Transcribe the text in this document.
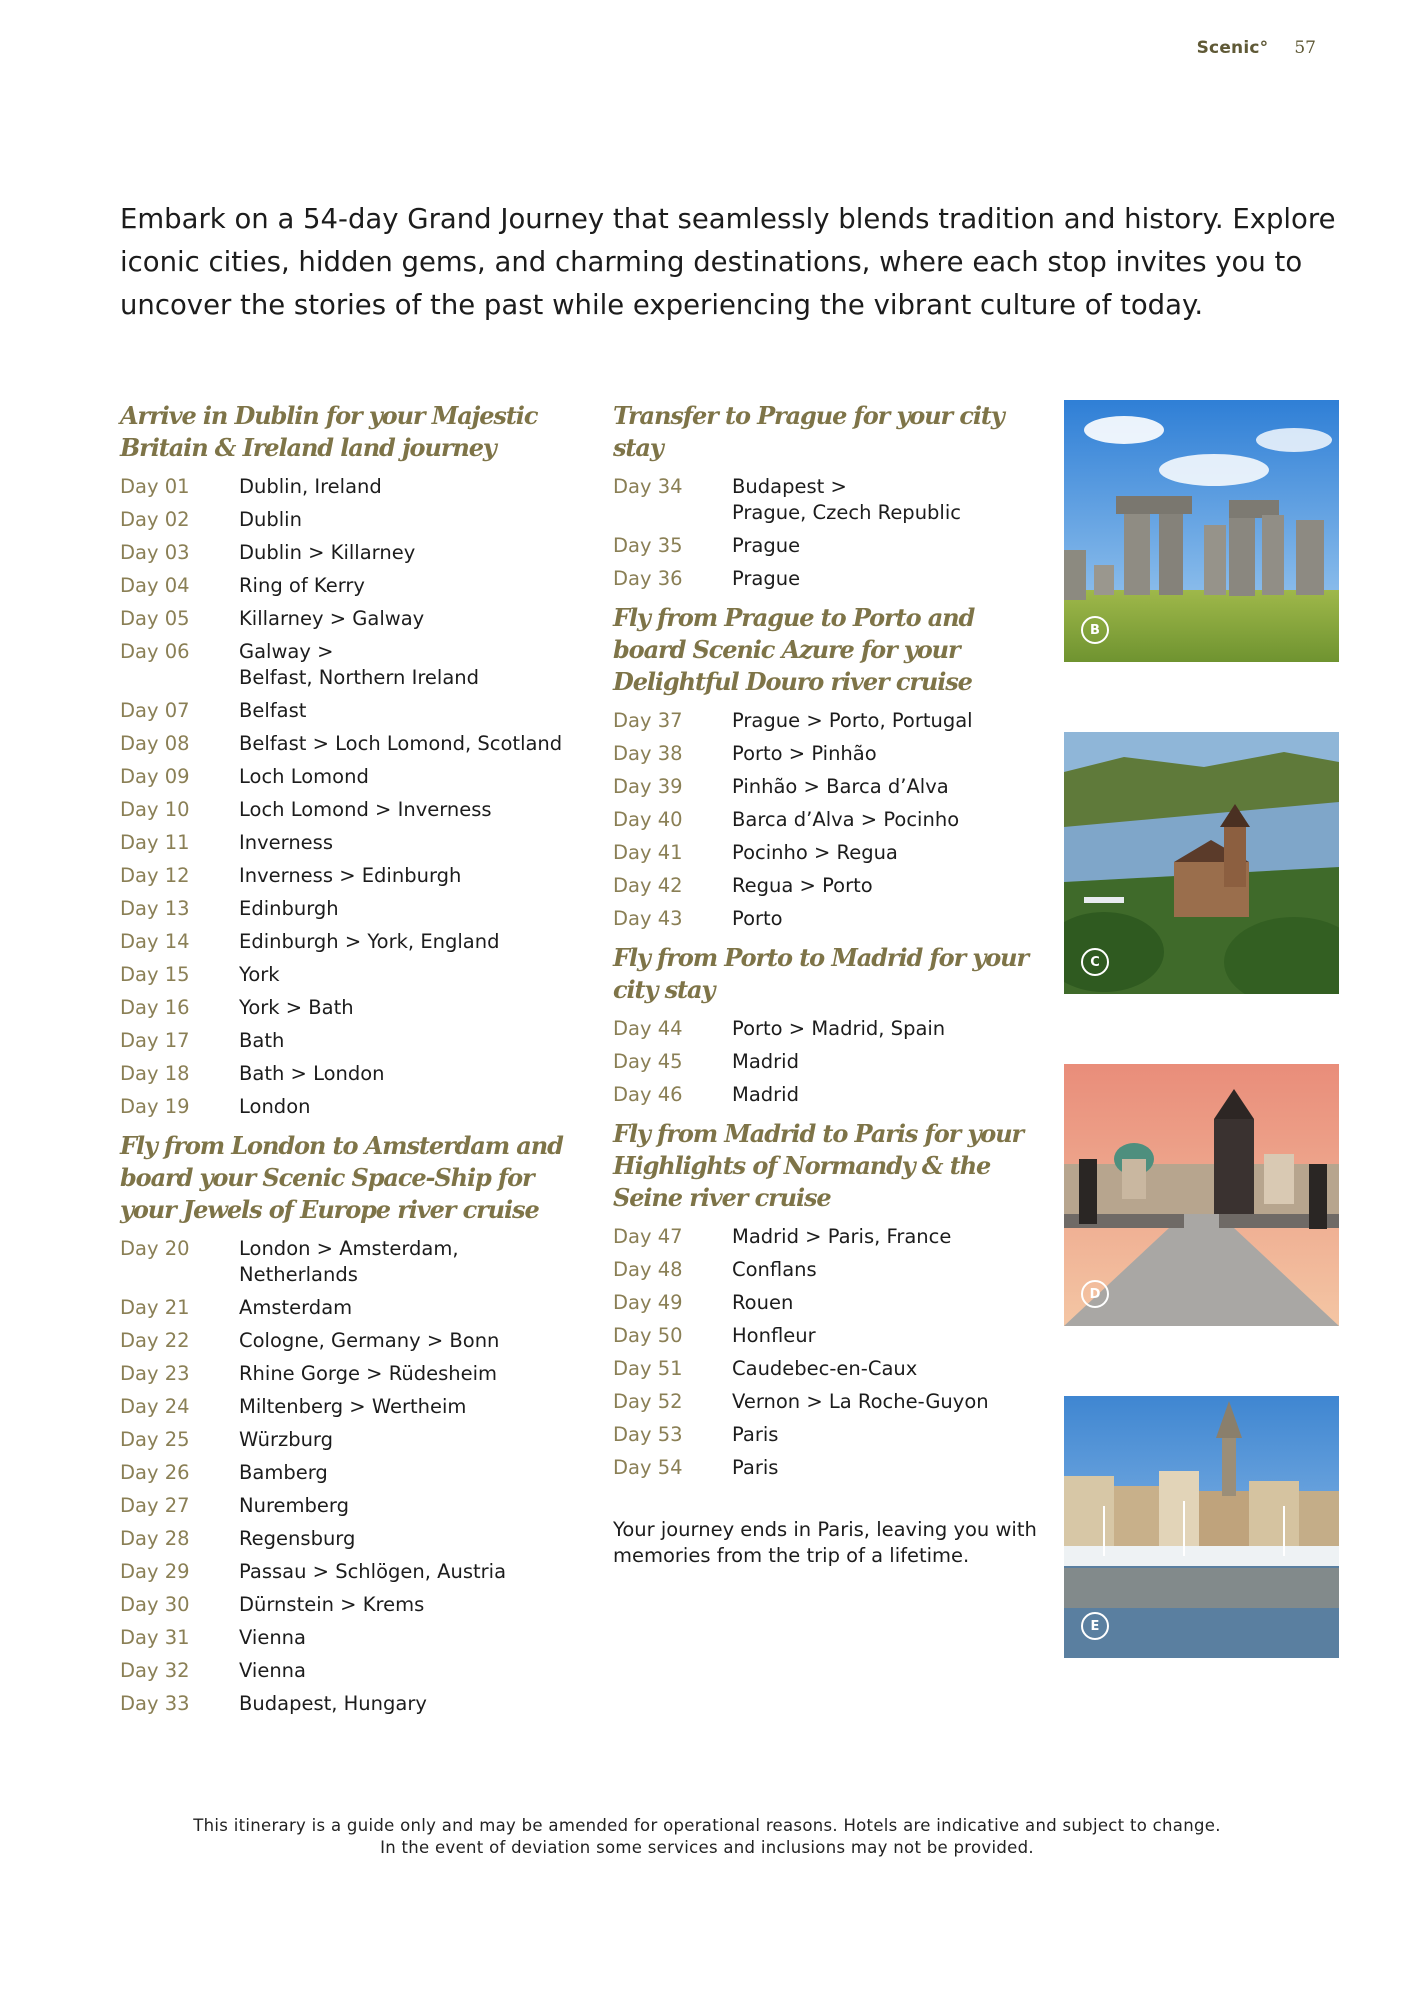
Scenic° 57

Embark on a 54-day Grand Journey that seamlessly blends tradition and history. Explore iconic cities, hidden gems, and charming destinations, where each stop invites you to uncover the stories of the past while experiencing the vibrant culture of today.

Arrive in Dublin for your Majestic Britain & Ireland land journey
Day 01	Dublin, Ireland
Day 02	Dublin
Day 03	Dublin > Killarney
Day 04	Ring of Kerry
Day 05	Killarney > Galway
Day 06	Galway >
Belfast, Northern Ireland
Day 07	Belfast
Day 08	Belfast > Loch Lomond, Scotland
Day 09	Loch Lomond
Day 10	Loch Lomond > Inverness
Day 11	Inverness
Day 12	Inverness > Edinburgh
Day 13	Edinburgh
Day 14	Edinburgh > York, England
Day 15	York
Day 16	York > Bath
Day 17	Bath
Day 18	Bath > London
Day 19	London
Fly from London to Amsterdam and board your Scenic Space-Ship for your Jewels of Europe river cruise
Day 20	London > Amsterdam,
Netherlands
Day 21	Amsterdam
Day 22	Cologne, Germany > Bonn
Day 23	Rhine Gorge > Rüdesheim
Day 24	Miltenberg > Wertheim
Day 25	Würzburg
Day 26	Bamberg
Day 27	Nuremberg
Day 28	Regensburg
Day 29	Passau > Schlögen, Austria
Day 30	Dürnstein > Krems
Day 31	Vienna
Day 32	Vienna
Day 33	Budapest, Hungary
Transfer to Prague for your city stay
Day 34	Budapest >
Prague, Czech Republic
Day 35	Prague
Day 36	Prague
Fly from Prague to Porto and board Scenic Azure for your Delightful Douro river cruise
Day 37	Prague > Porto, Portugal
Day 38	Porto > Pinhão
Day 39	Pinhão > Barca d’Alva
Day 40	Barca d’Alva > Pocinho
Day 41	Pocinho > Regua
Day 42	Regua > Porto
Day 43	Porto
Fly from Porto to Madrid for your city stay
Day 44	Porto > Madrid, Spain
Day 45	Madrid
Day 46	Madrid
Fly from Madrid to Paris for your Highlights of Normandy & the Seine river cruise
Day 47	Madrid > Paris, France
Day 48	Conflans
Day 49	Rouen
Day 50	Honfleur
Day 51	Caudebec-en-Caux
Day 52	Vernon > La Roche-Guyon
Day 53	Paris
Day 54	Paris
Your journey ends in Paris, leaving you with memories from the trip of a lifetime.
B
C
D
E
This itinerary is a guide only and may be amended for operational reasons. Hotels are indicative and subject to change.
In the event of deviation some services and inclusions may not be provided.
